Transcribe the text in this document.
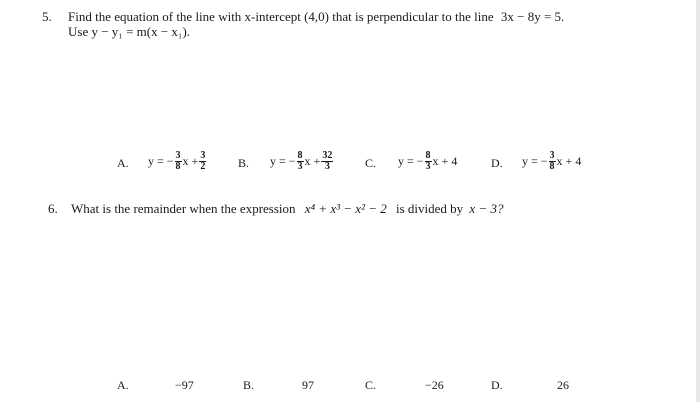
5. Find the equation of the line with x-intercept (4,0) that is perpendicular to the line 3x − 8y = 5.
Use y − y₁ = m(x − x₁).
A. y = − $\frac{3}{8}$ $x + \frac{3}{2}$	B. y = − $\frac{8}{3}$ $x + \frac{32}{3}$	C. y = − $\frac{8}{3}$ x + 4	D. y = − $\frac{3}{8}$ x + 4
6. What is the remainder when the expression x⁴ + x³ − x² − 2 is divided by x − 3?
A.	−97	B.	97	C.	−26	D.	26
